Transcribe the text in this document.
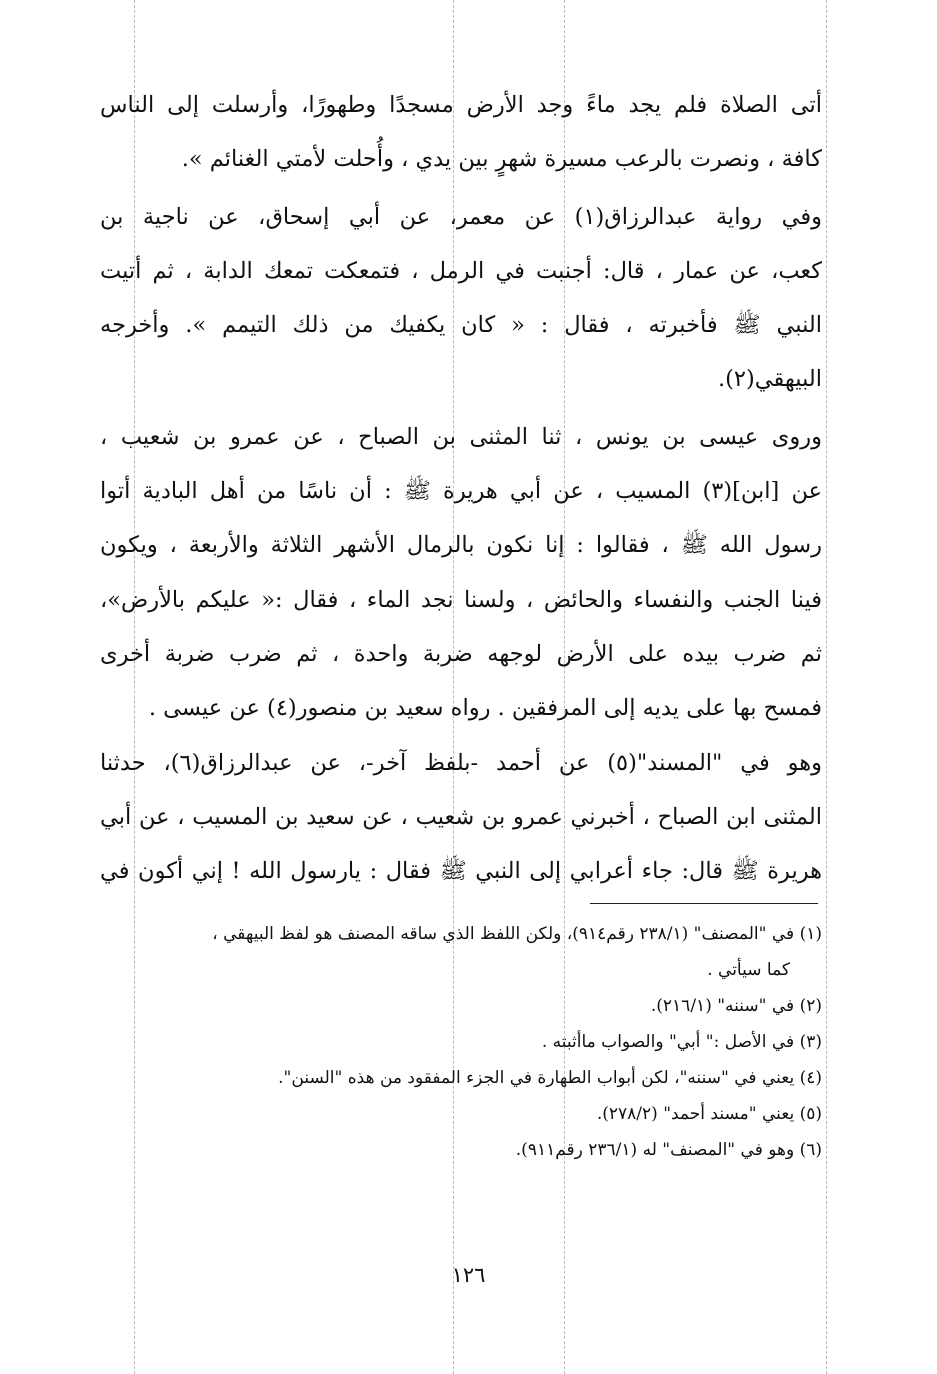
أتى الصلاة فلم يجد ماءً وجد الأرض مسجدًا وطهورًا، وأرسلت إلى الناس
كافة ، ونصرت بالرعب مسيرة شهرٍ بين يدي ، وأُحلت لأمتي الغنائم ».
وفي رواية عبدالرزاق(١) عن معمر، عن أبي إسحاق، عن ناجية بن
كعب، عن عمار ، قال: أجنبت في الرمل ، فتمعكت تمعك الدابة ، ثم أتيت
النبي ﷺ فأخبرته ، فقال : « كان يكفيك من ذلك التيمم ». وأخرجه
البيهقي(٢).
وروى عيسى بن يونس ، ثنا المثنى بن الصباح ، عن عمرو بن شعيب ،
عن [ابن](٣) المسيب ، عن أبي هريرة ﷺ : أن ناسًا من أهل البادية أتوا
رسول الله ﷺ ، فقالوا : إنا نكون بالرمال الأشهر الثلاثة والأربعة ، ويكون
فينا الجنب والنفساء والحائض ، ولسنا نجد الماء ، فقال :« عليكم بالأرض»،
ثم ضرب بيده على الأرض لوجهه ضربة واحدة ، ثم ضرب ضربة أخرى
فمسح بها على يديه إلى المرفقين . رواه سعيد بن منصور(٤) عن عيسى .
وهو في "المسند"(٥) عن أحمد -بلفظ آخر-، عن عبدالرزاق(٦)، حدثنا
المثنى ابن الصباح ، أخبرني عمرو بن شعيب ، عن سعيد بن المسيب ، عن أبي
هريرة ﷺ قال: جاء أعرابي إلى النبي ﷺ فقال : يارسول الله ! إني أكون في
(١) في "المصنف" (٢٣٨/١ رقم٩١٤)، ولكن اللفظ الذي ساقه المصنف هو لفظ البيهقي ،
كما سيأتي .
(٢) في "سننه" (٢١٦/١).
(٣) في الأصل :" أبي" والصواب ماأثبته .
(٤) يعني في "سننه"، لكن أبواب الطهارة في الجزء المفقود من هذه "السنن".
(٥) يعني "مسند أحمد" (٢٧٨/٢).
(٦) وهو في "المصنف" له (٢٣٦/١ رقم٩١١).
١٢٦
